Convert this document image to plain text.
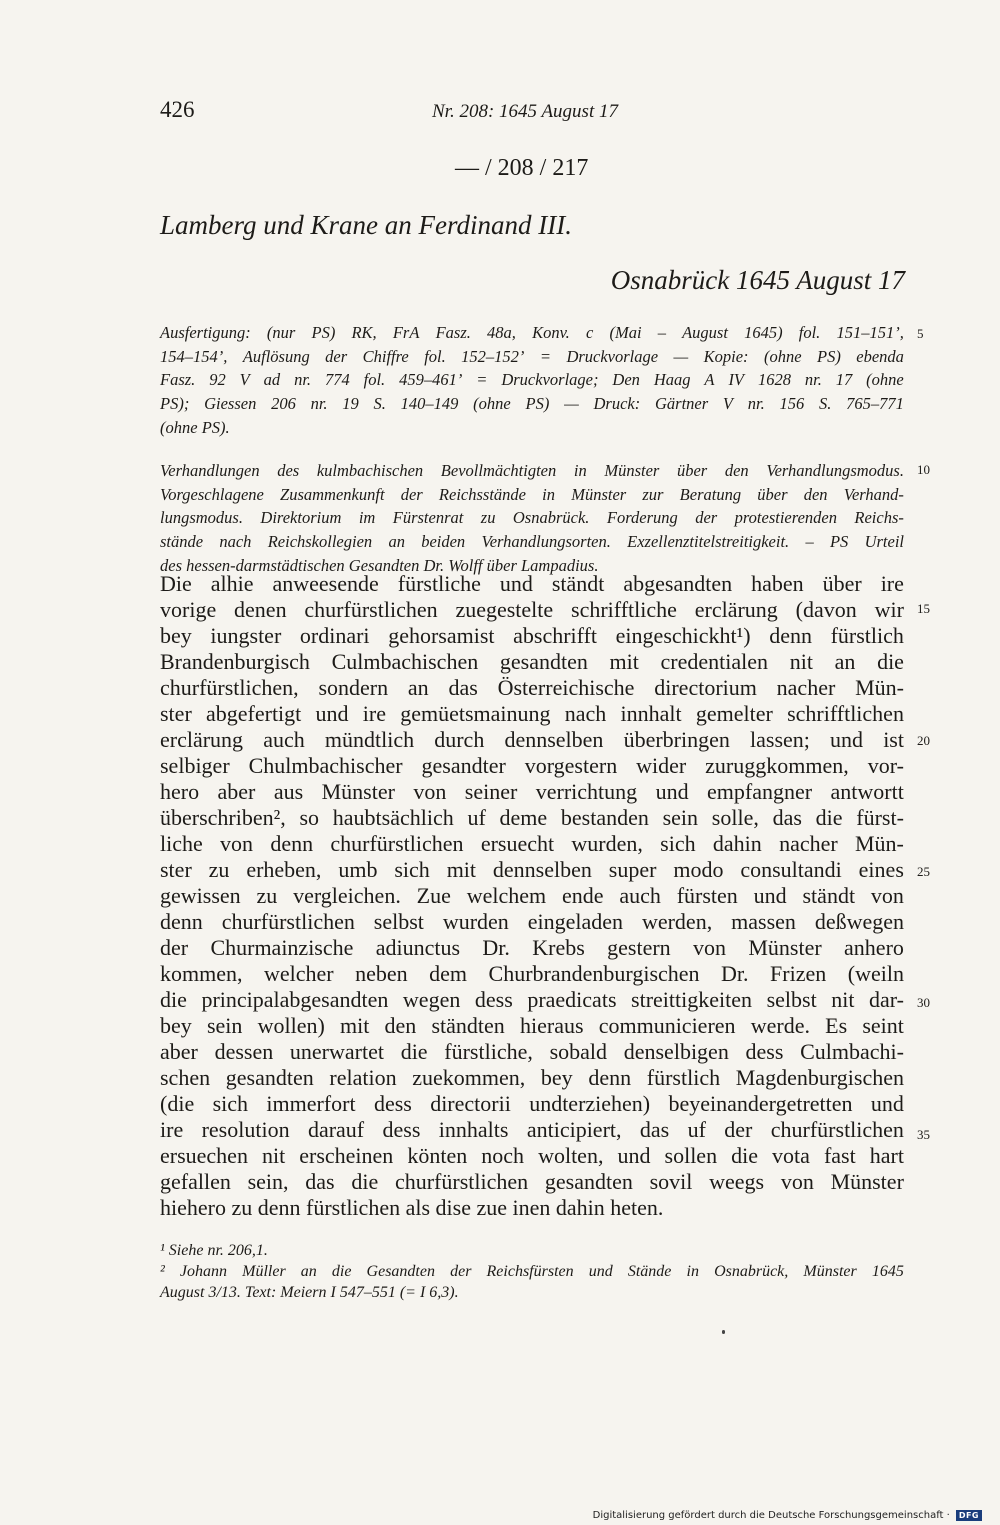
426	Nr. 208: 1645 August 17
— / 208 / 217
Lamberg und Krane an Ferdinand III.
Osnabrück 1645 August 17
Ausfertigung: (nur PS) RK, FrA Fasz. 48a, Konv. c (Mai – August 1645) fol. 151–151’,
154–154’, Auflösung der Chiffre fol. 152–152’ = Druckvorlage — Kopie: (ohne PS) ebenda
Fasz. 92 V ad nr. 774 fol. 459–461’ = Druckvorlage; Den Haag A IV 1628 nr. 17 (ohne
PS); Giessen 206 nr. 19 S. 140–149 (ohne PS) — Druck: Gärtner V nr. 156 S. 765–771
(ohne PS).
Verhandlungen des kulmbachischen Bevollmächtigten in Münster über den Verhandlungsmodus.
Vorgeschlagene Zusammenkunft der Reichsstände in Münster zur Beratung über den Verhand-
lungsmodus. Direktorium im Fürstenrat zu Osnabrück. Forderung der protestierenden Reichs-
stände nach Reichskollegien an beiden Verhandlungsorten. Exzellenztitelstreitigkeit. – PS Urteil
des hessen-darmstädtischen Gesandten Dr. Wolff über Lampadius.
Die alhie anweesende fürstliche und ständt abgesandten haben über ire
vorige denen churfürstlichen zuegestelte schrifftliche erclärung (davon wir
bey iungster ordinari gehorsamist abschrifft eingeschickht¹) denn fürstlich
Brandenburgisch Culmbachischen gesandten mit credentialen nit an die
churfürstlichen, sondern an das Österreichische directorium nacher Mün-
ster abgefertigt und ire gemüetsmainung nach innhalt gemelter schrifftlichen
erclärung auch mündtlich durch dennselben überbringen lassen; und ist
selbiger Chulmbachischer gesandter vorgestern wider zuruggkommen, vor-
hero aber aus Münster von seiner verrichtung und empfangner antwortt
überschriben², so haubtsächlich uf deme bestanden sein solle, das die fürst-
liche von denn churfürstlichen ersuecht wurden, sich dahin nacher Mün-
ster zu erheben, umb sich mit dennselben super modo consultandi eines
gewissen zu vergleichen. Zue welchem ende auch fürsten und ständt von
denn churfürstlichen selbst wurden eingeladen werden, massen deßwegen
der Churmainzische adiunctus Dr. Krebs gestern von Münster anhero
kommen, welcher neben dem Churbrandenburgischen Dr. Frizen (weiln
die principalabgesandten wegen dess praedicats streittigkeiten selbst nit dar-
bey sein wollen) mit den ständten hieraus communicieren werde. Es seint
aber dessen unerwartet die fürstliche, sobald denselbigen dess Culmbachi-
schen gesandten relation zuekommen, bey denn fürstlich Magdenburgischen
(die sich immerfort dess directorii undterziehen) beyeinandergetretten und
ire resolution darauf dess innhalts anticipiert, das uf der churfürstlichen
ersuechen nit erscheinen könten noch wolten, und sollen die vota fast hart
gefallen sein, das die churfürstlichen gesandten sovil weegs von Münster
hiehero zu denn fürstlichen als dise zue inen dahin heten.
¹ Siehe nr. 206,1.
² Johann Müller an die Gesandten der Reichsfürsten und Stände in Osnabrück, Münster 1645
August 3/13. Text: Meiern I 547–551 (= I 6,3).
5
10
15
20
25
30
35
Digitalisierung gefördert durch die Deutsche Forschungsgemeinschaft ·	DFG
